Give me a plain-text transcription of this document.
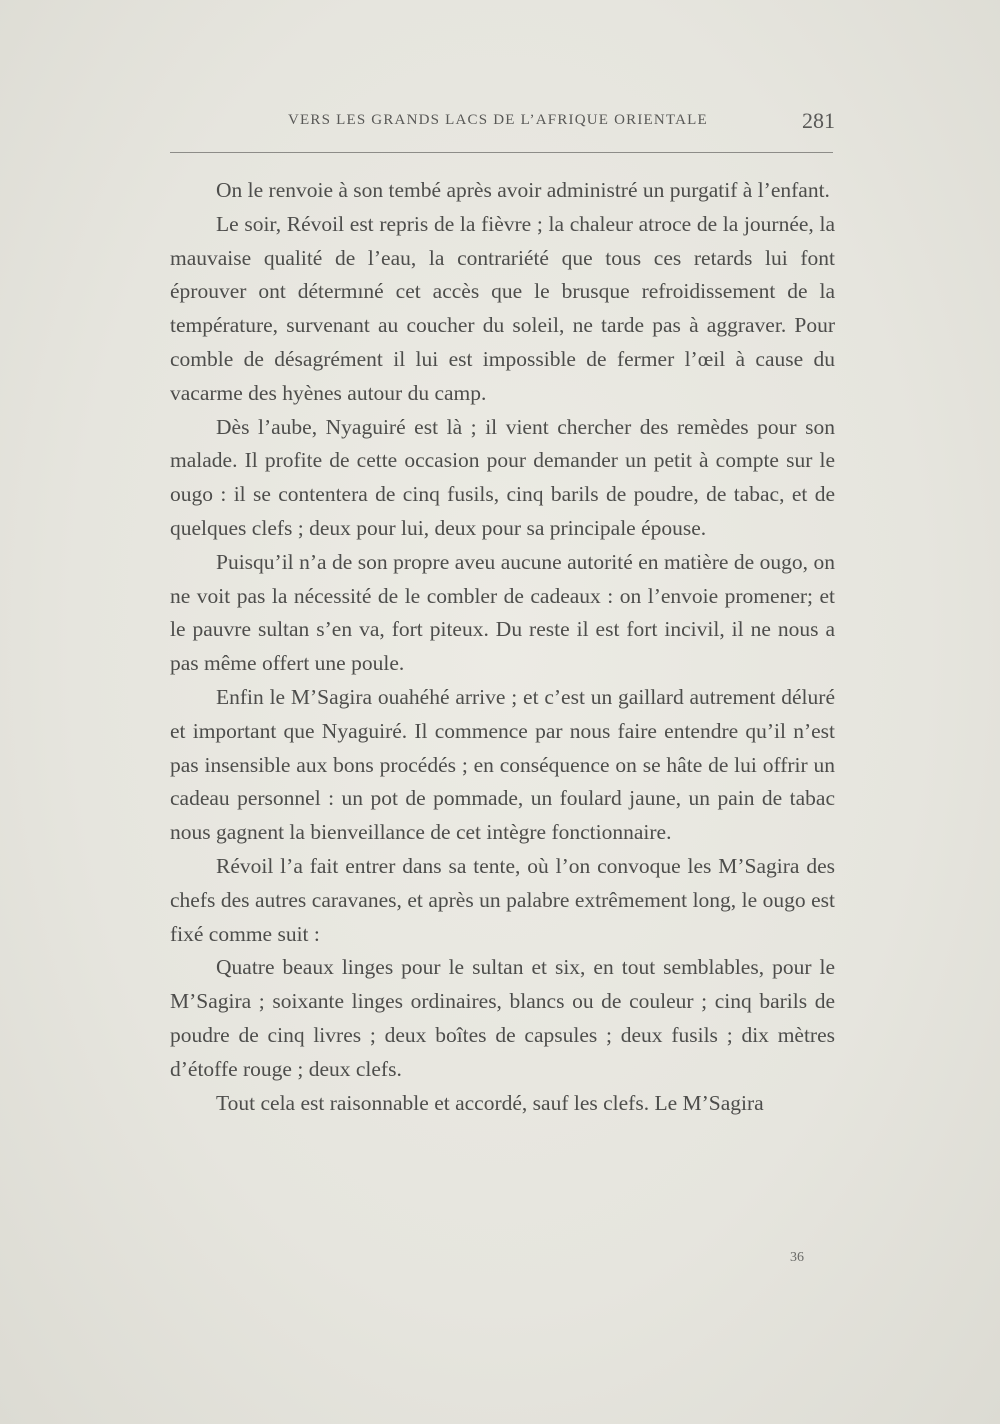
VERS LES GRANDS LACS DE L’AFRIQUE ORIENTALE	281

On le renvoie à son tembé après avoir administré un purgatif à l’enfant.

Le soir, Révoil est repris de la fièvre ; la chaleur atroce de la journée, la mauvaise qualité de l’eau, la contrariété que tous ces retards lui font éprouver ont détermıné cet accès que le brusque refroidissement de la température, survenant au coucher du soleil, ne tarde pas à aggraver. Pour comble de désagrément il lui est impossible de fermer l’œil à cause du vacarme des hyènes autour du camp.

Dès l’aube, Nyaguiré est là ; il vient chercher des remèdes pour son malade. Il profite de cette occasion pour demander un petit à compte sur le ougo : il se contentera de cinq fusils, cinq barils de poudre, de tabac, et de quelques clefs ; deux pour lui, deux pour sa principale épouse.

Puisqu’il n’a de son propre aveu aucune autorité en matière de ougo, on ne voit pas la nécessité de le combler de cadeaux : on l’envoie promener; et le pauvre sultan s’en va, fort piteux. Du reste il est fort incivil, il ne nous a pas même offert une poule.

Enfin le M’Sagira ouahéhé arrive ; et c’est un gaillard autrement déluré et important que Nyaguiré. Il commence par nous faire entendre qu’il n’est pas insensible aux bons procédés ; en conséquence on se hâte de lui offrir un cadeau personnel : un pot de pommade, un foulard jaune, un pain de tabac nous gagnent la bienveillance de cet intègre fonctionnaire.

Révoil l’a fait entrer dans sa tente, où l’on convoque les M’Sagira des chefs des autres caravanes, et après un palabre extrêmement long, le ougo est fixé comme suit :

Quatre beaux linges pour le sultan et six, en tout semblables, pour le M’Sagira ; soixante linges ordinaires, blancs ou de couleur ; cinq barils de poudre de cinq livres ; deux boîtes de capsules ; deux fusils ; dix mètres d’étoffe rouge ; deux clefs.

Tout cela est raisonnable et accordé, sauf les clefs. Le M’Sagira

36
